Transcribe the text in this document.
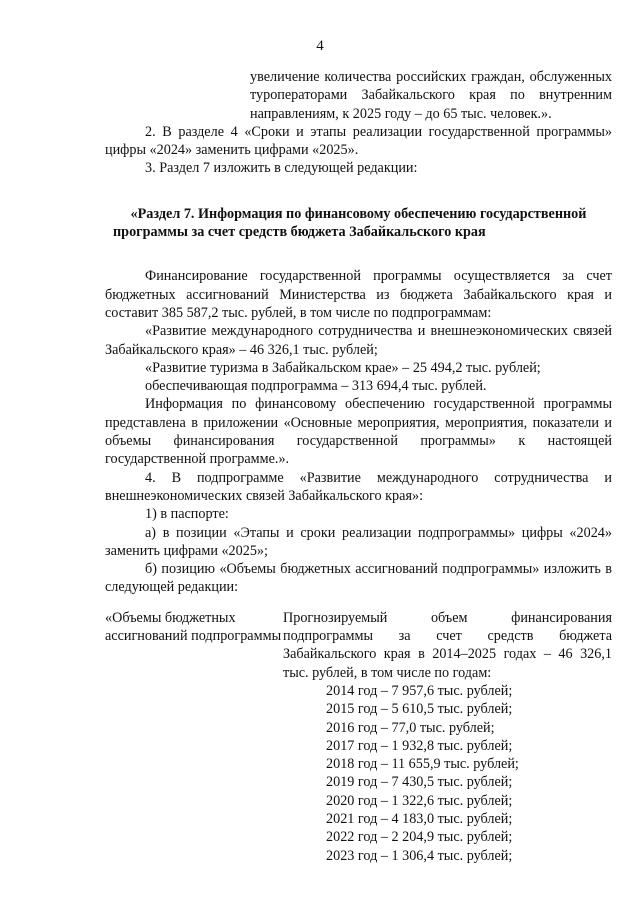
4

увеличение количества российских граждан, обслуженных туроператорами Забайкальского края по внутренним направлениям, к 2025 году – до 65 тыс. человек.».

2. В разделе 4 «Сроки и этапы реализации государственной программы» цифры «2024» заменить цифрами «2025».

3. Раздел 7 изложить в следующей редакции:

«Раздел 7. Информация по финансовому обеспечению государственной программы за счет средств бюджета Забайкальского края

Финансирование государственной программы осуществляется за счет бюджетных ассигнований Министерства из бюджета Забайкальского края и составит 385 587,2 тыс. рублей, в том числе по подпрограммам:

«Развитие международного сотрудничества и внешнеэкономических связей Забайкальского края» – 46 326,1 тыс. рублей;

«Развитие туризма в Забайкальском крае» – 25 494,2 тыс. рублей;

обеспечивающая подпрограмма – 313 694,4 тыс. рублей.

Информация по финансовому обеспечению государственной программы представлена в приложении «Основные мероприятия, мероприятия, показатели и объемы финансирования государственной программы» к настоящей государственной программе.».

4. В подпрограмме «Развитие международного сотрудничества и внешнеэкономических связей Забайкальского края»:

1) в паспорте:

а) в позиции «Этапы и сроки реализации подпрограммы» цифры «2024» заменить цифрами «2025»;

б) позицию «Объемы бюджетных ассигнований подпрограммы» изложить в следующей редакции:

«Объемы бюджетных ассигнований подпрограммы

Прогнозируемый объем финансирования подпрограммы за счет средств бюджета Забайкальского края в 2014–2025 годах – 46 326,1 тыс. рублей, в том числе по годам:

2014 год – 7 957,6 тыс. рублей;

2015 год – 5 610,5 тыс. рублей;

2016 год – 77,0 тыс. рублей;

2017 год – 1 932,8 тыс. рублей;

2018 год – 11 655,9 тыс. рублей;

2019 год – 7 430,5 тыс. рублей;

2020 год – 1 322,6 тыс. рублей;

2021 год – 4 183,0 тыс. рублей;

2022 год – 2 204,9 тыс. рублей;

2023 год – 1 306,4 тыс. рублей;
